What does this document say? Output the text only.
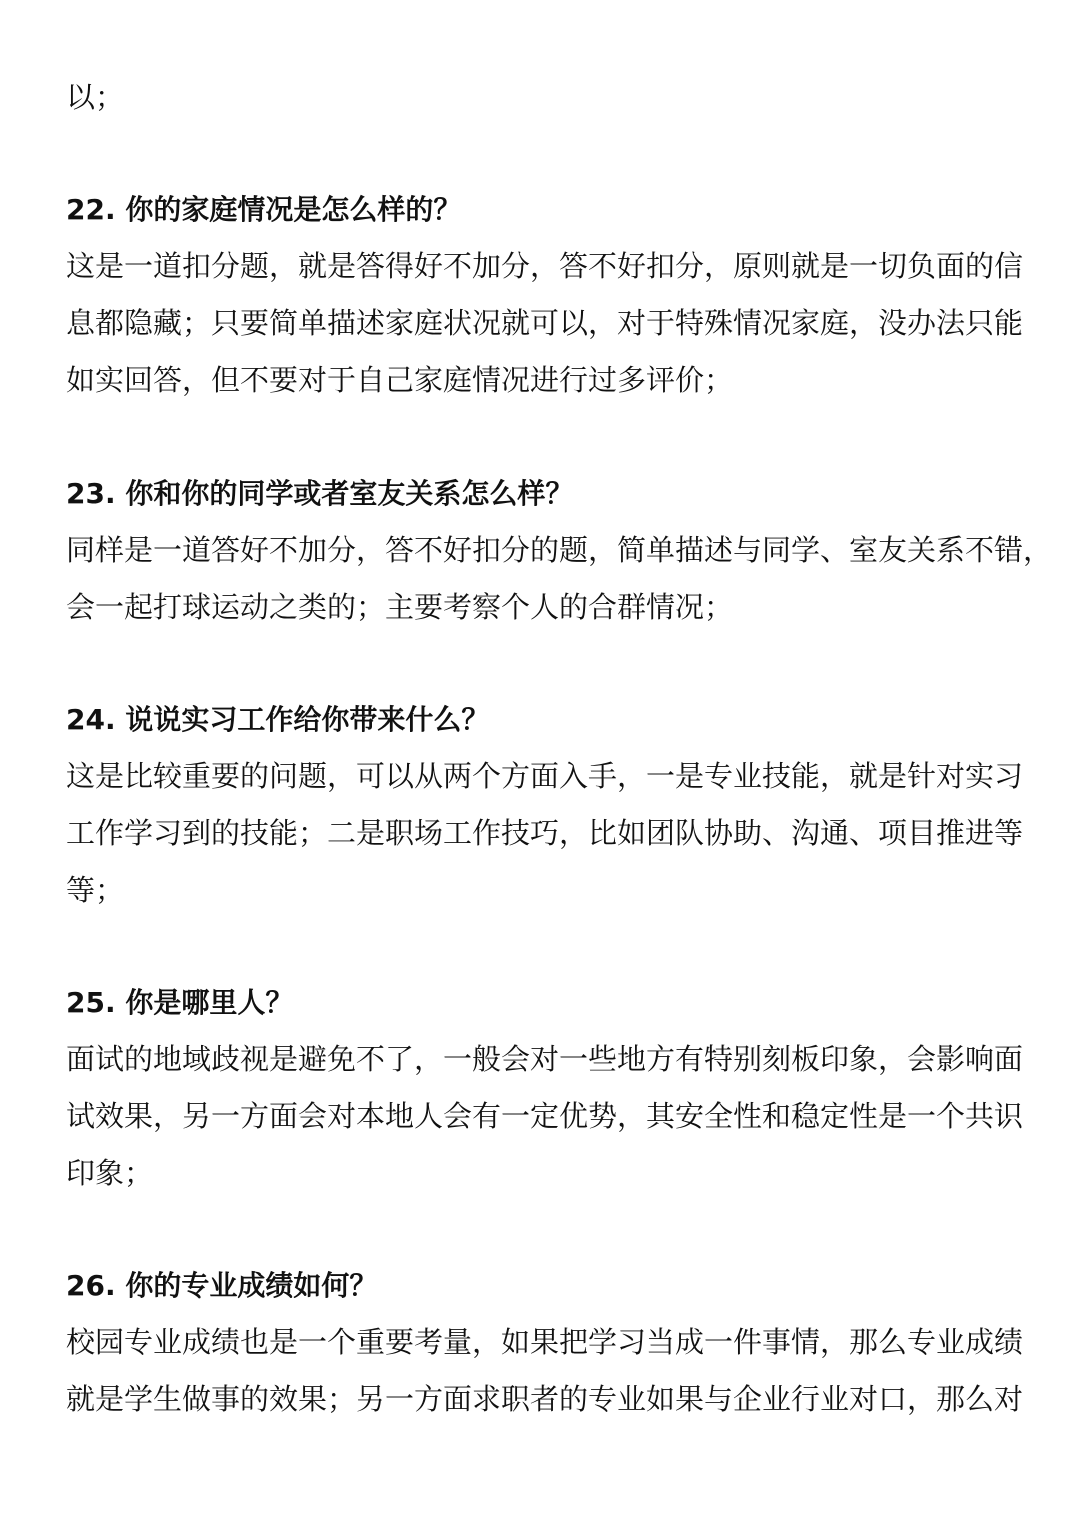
以；
22. 你的家庭情况是怎么样的？
这是一道扣分题，就是答得好不加分，答不好扣分，原则就是一切负面的信
息都隐藏；只要简单描述家庭状况就可以，对于特殊情况家庭，没办法只能
如实回答，但不要对于自己家庭情况进行过多评价；
23. 你和你的同学或者室友关系怎么样？
同样是一道答好不加分，答不好扣分的题，简单描述与同学、室友关系不错，
会一起打球运动之类的；主要考察个人的合群情况；
24. 说说实习工作给你带来什么？
这是比较重要的问题，可以从两个方面入手，一是专业技能，就是针对实习
工作学习到的技能；二是职场工作技巧，比如团队协助、沟通、项目推进等
等；
25. 你是哪里人？
面试的地域歧视是避免不了，一般会对一些地方有特别刻板印象，会影响面
试效果，另一方面会对本地人会有一定优势，其安全性和稳定性是一个共识
印象；
26. 你的专业成绩如何？
校园专业成绩也是一个重要考量，如果把学习当成一件事情，那么专业成绩
就是学生做事的效果；另一方面求职者的专业如果与企业行业对口，那么对
